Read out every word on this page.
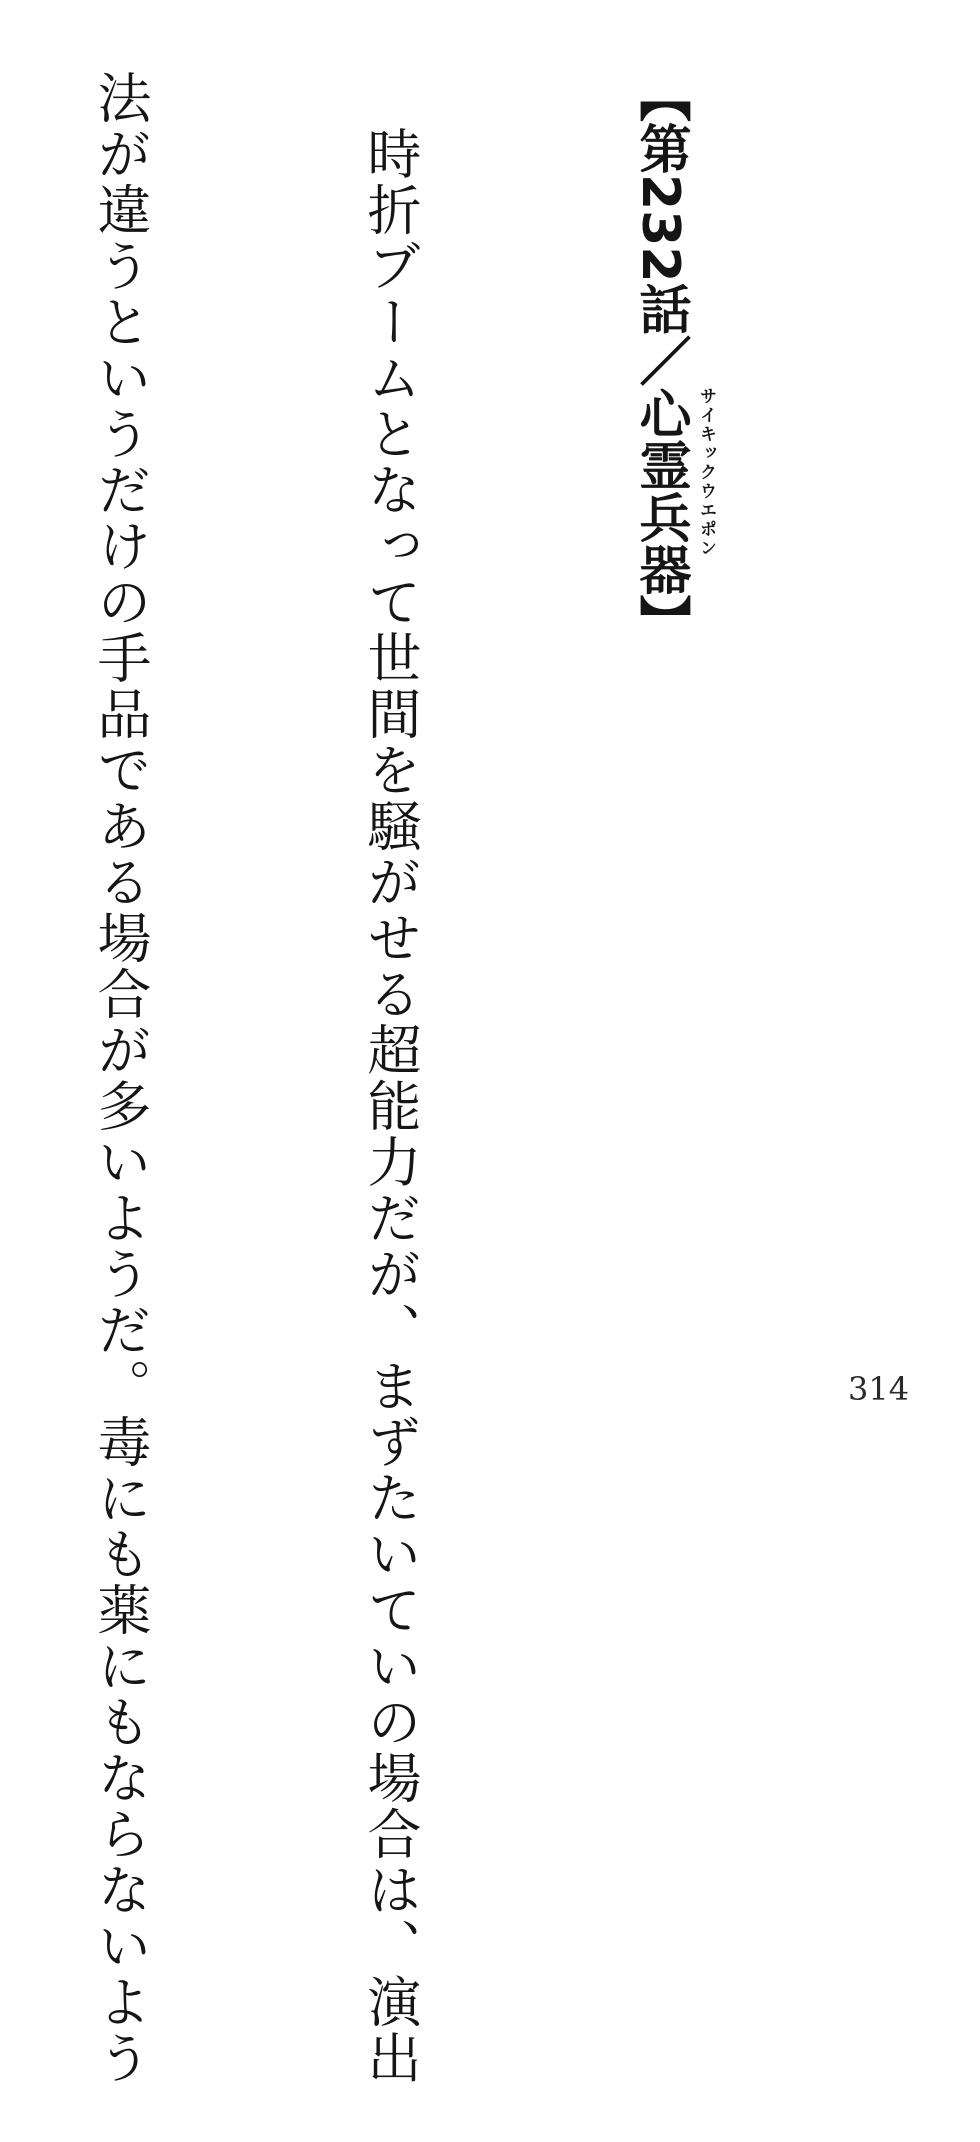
【第232話／心霊兵器 サイキックウエポン
】

　時折ブームとなって世間を騒がせる超能力だが、まずたいていの場合は、演出

法が違うというだけの手品である場合が多いようだ。毒にも薬にもならないよう

	314
